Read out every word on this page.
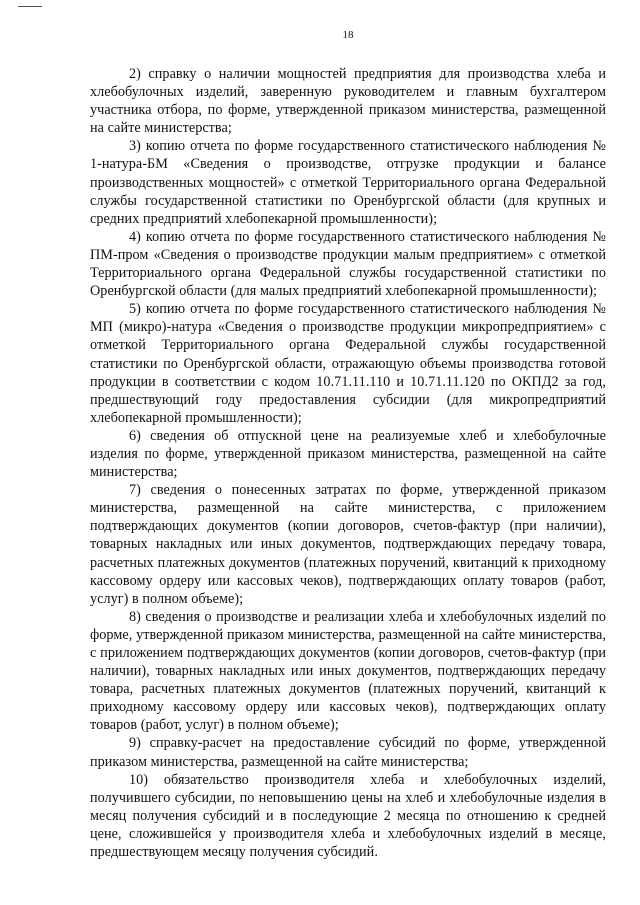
18

2) справку о наличии мощностей предприятия для производства хлеба и хлебобулочных изделий, заверенную руководителем и главным бухгалтером участника отбора, по форме, утвержденной приказом министерства, размещенной на сайте министерства;

3) копию отчета по форме государственного статистического наблюдения № 1-натура-БМ «Сведения о производстве, отгрузке продукции и балансе производственных мощностей» с отметкой Территориального органа Федеральной службы государственной статистики по Оренбургской области (для крупных и средних предприятий хлебопекарной промышленности);

4) копию отчета по форме государственного статистического наблюдения № ПМ-пром «Сведения о производстве продукции малым предприятием» с отметкой Территориального органа Федеральной службы государственной статистики по Оренбургской области (для малых предприятий хлебопекарной промышленности);

5) копию отчета по форме государственного статистического наблюдения № МП (микро)-натура «Сведения о производстве продукции микропредприятием» с отметкой Территориального органа Федеральной службы государственной статистики по Оренбургской области, отражающую объемы производства готовой продукции в соответствии с кодом 10.71.11.110 и 10.71.11.120 по ОКПД2 за год, предшествующий году предоставления субсидии (для микропредприятий хлебопекарной промышленности);

6) сведения об отпускной цене на реализуемые хлеб и хлебобулочные изделия по форме, утвержденной приказом министерства, размещенной на сайте министерства;

7) сведения о понесенных затратах по форме, утвержденной приказом министерства, размещенной на сайте министерства, с приложением подтверждающих документов (копии договоров, счетов-фактур (при наличии), товарных накладных или иных документов, подтверждающих передачу товара, расчетных платежных документов (платежных поручений, квитанций к приходному кассовому ордеру или кассовых чеков), подтверждающих оплату товаров (работ, услуг) в полном объеме);

8) сведения о производстве и реализации хлеба и хлебобулочных изделий по форме, утвержденной приказом министерства, размещенной на сайте министерства, с приложением подтверждающих документов (копии договоров, счетов-фактур (при наличии), товарных накладных или иных документов, подтверждающих передачу товара, расчетных платежных документов (платежных поручений, квитанций к приходному кассовому ордеру или кассовых чеков), подтверждающих оплату товаров (работ, услуг) в полном объеме);

9) справку-расчет на предоставление субсидий по форме, утвержденной приказом министерства, размещенной на сайте министерства;

10) обязательство производителя хлеба и хлебобулочных изделий, получившего субсидии, по неповышению цены на хлеб и хлебобулочные изделия в месяц получения субсидий и в последующие 2 месяца по отношению к средней цене, сложившейся у производителя хлеба и хлебобулочных изделий в месяце, предшествующем месяцу получения субсидий.
